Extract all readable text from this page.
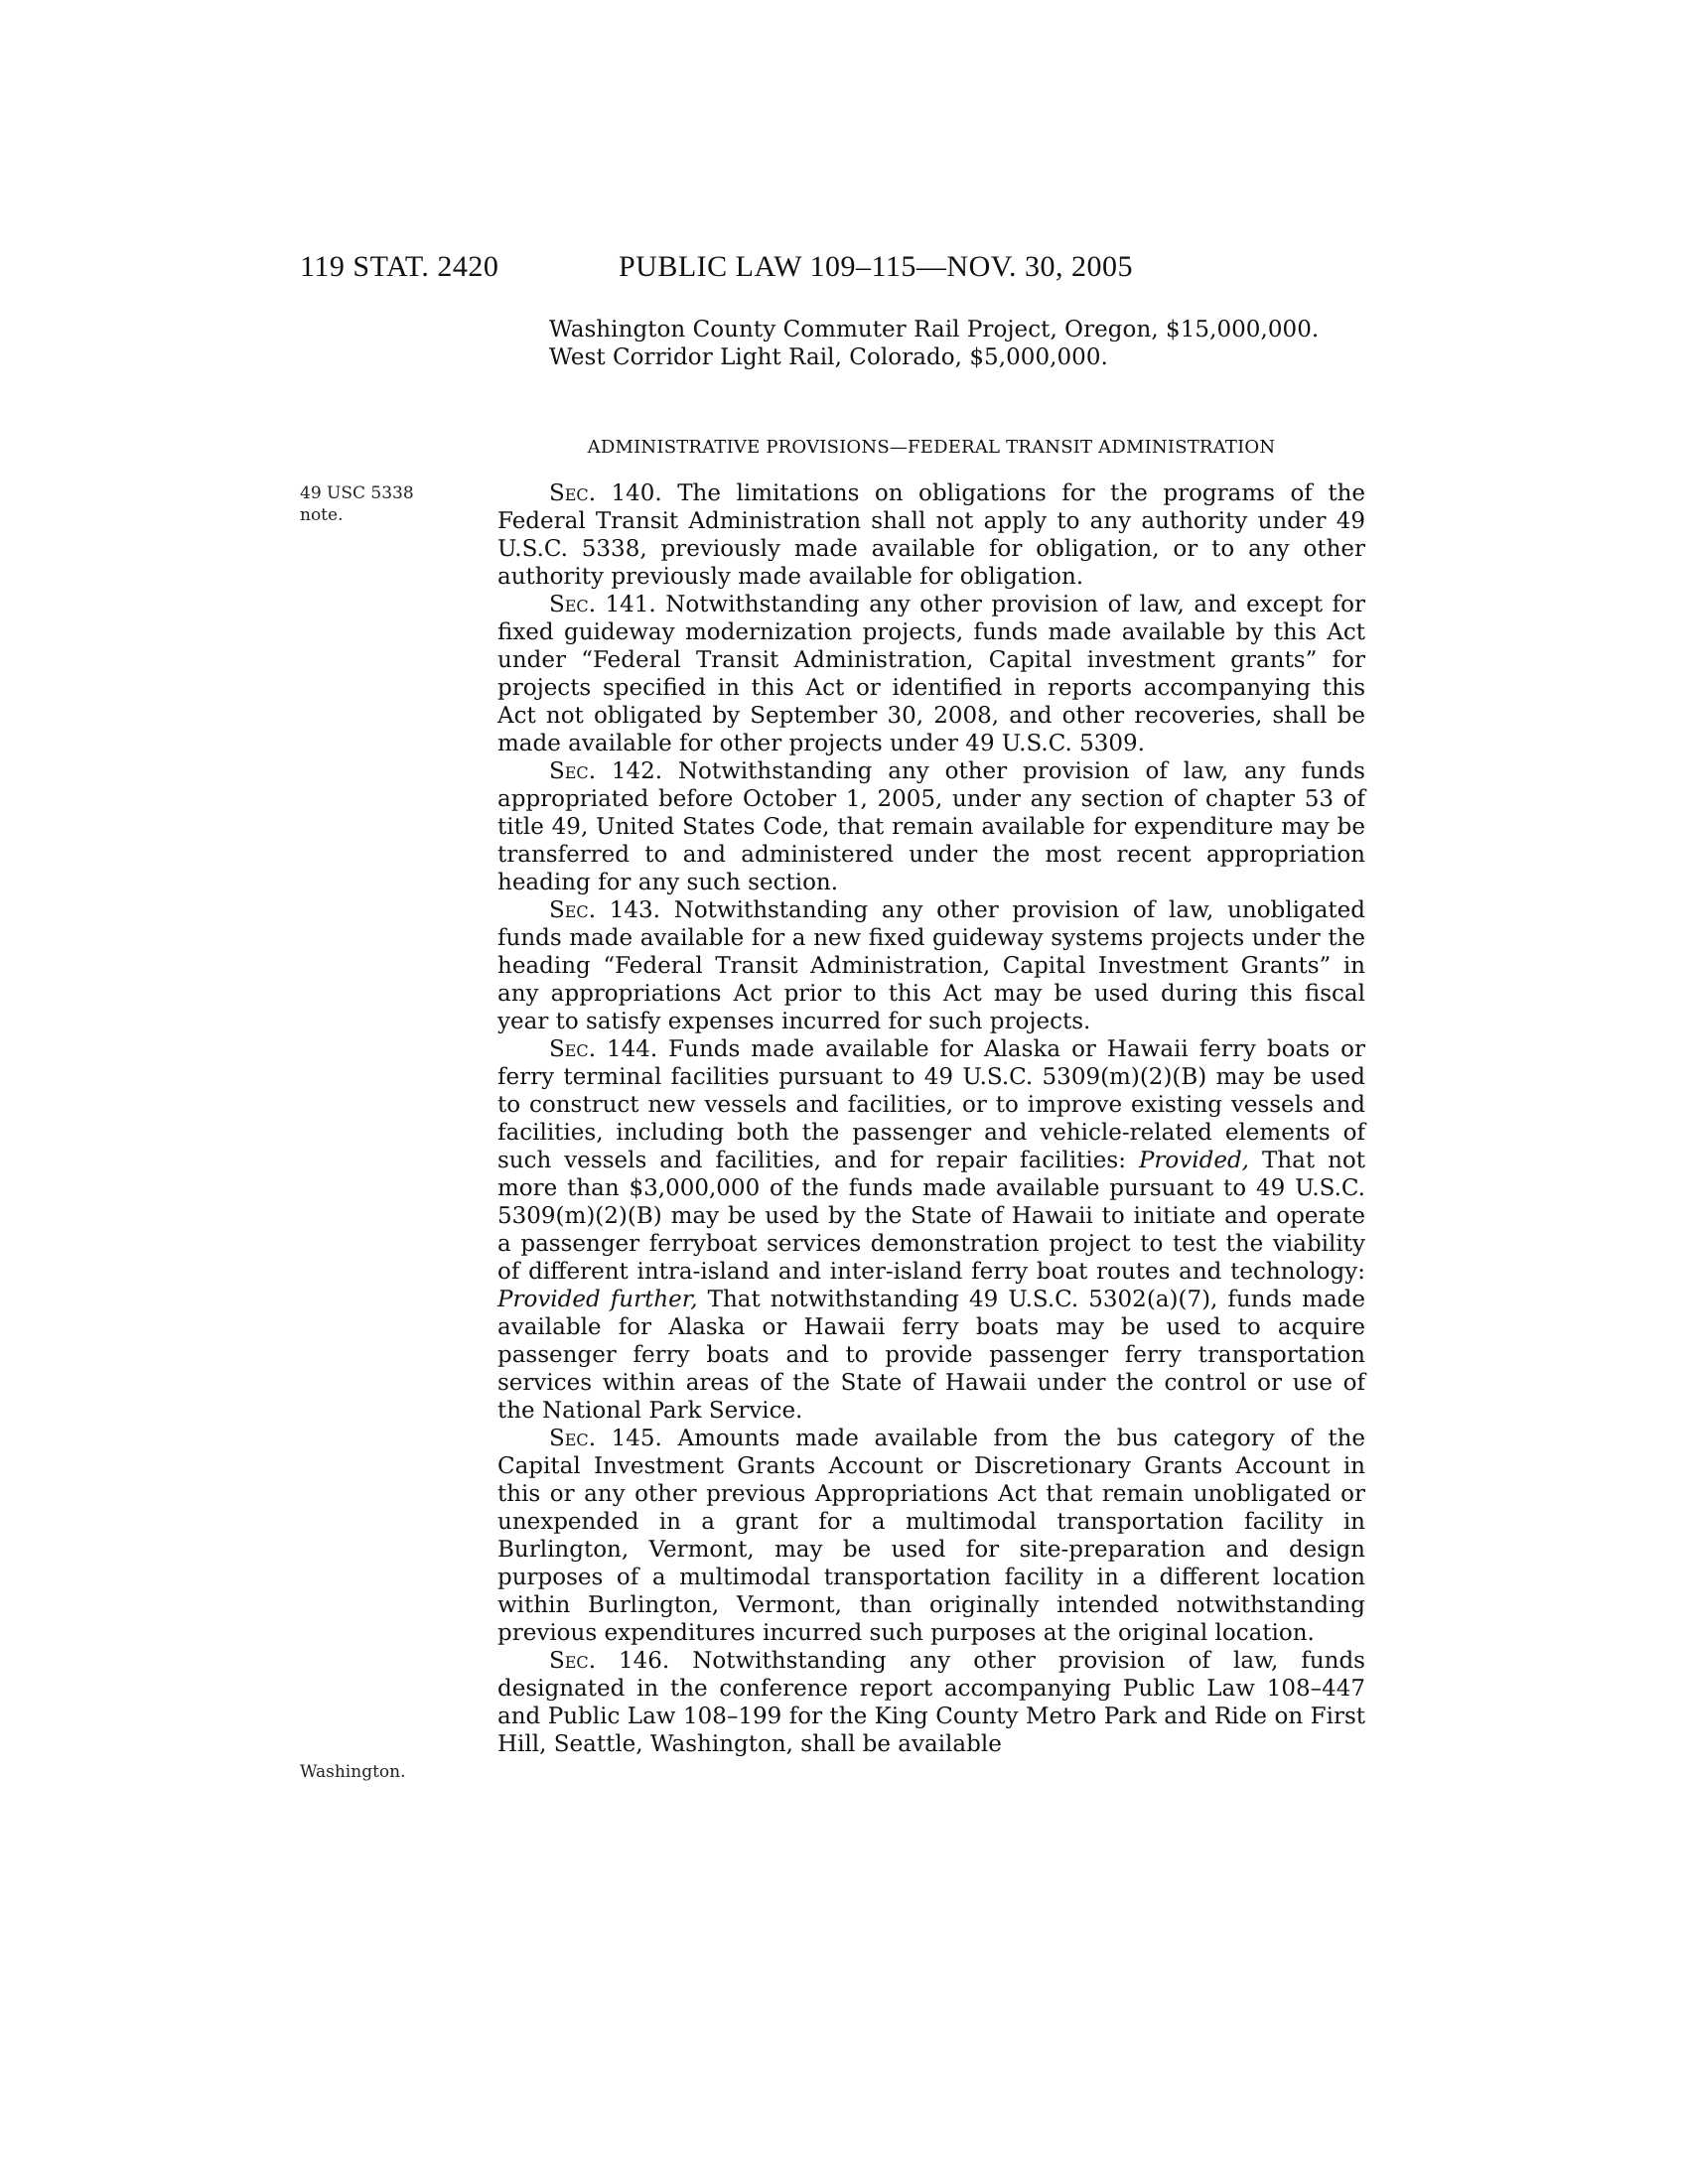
119 STAT. 2420	PUBLIC LAW 109–115—NOV. 30, 2005

Washington County Commuter Rail Project, Oregon, $15,000,000.

West Corridor Light Rail, Colorado, $5,000,000.

ADMINISTRATIVE PROVISIONS—FEDERAL TRANSIT ADMINISTRATION
49 USC 5338 note.
Washington.

Sec. 140. The limitations on obligations for the programs of the Federal Transit Administration shall not apply to any authority under 49 U.S.C. 5338, previously made available for obligation, or to any other authority previously made available for obligation.

Sec. 141. Notwithstanding any other provision of law, and except for fixed guideway modernization projects, funds made available by this Act under “Federal Transit Administration, Capital investment grants” for projects specified in this Act or identified in reports accompanying this Act not obligated by September 30, 2008, and other recoveries, shall be made available for other projects under 49 U.S.C. 5309.

Sec. 142. Notwithstanding any other provision of law, any funds appropriated before October 1, 2005, under any section of chapter 53 of title 49, United States Code, that remain available for expenditure may be transferred to and administered under the most recent appropriation heading for any such section.

Sec. 143. Notwithstanding any other provision of law, unobligated funds made available for a new fixed guideway systems projects under the heading “Federal Transit Administration, Capital Investment Grants” in any appropriations Act prior to this Act may be used during this fiscal year to satisfy expenses incurred for such projects.

Sec. 144. Funds made available for Alaska or Hawaii ferry boats or ferry terminal facilities pursuant to 49 U.S.C. 5309(m)(2)(B) may be used to construct new vessels and facilities, or to improve existing vessels and facilities, including both the passenger and vehicle-related elements of such vessels and facilities, and for repair facilities: Provided, That not more than $3,000,000 of the funds made available pursuant to 49 U.S.C. 5309(m)(2)(B) may be used by the State of Hawaii to initiate and operate a passenger ferryboat services demonstration project to test the viability of different intra-island and inter-island ferry boat routes and technology: Provided further, That notwithstanding 49 U.S.C. 5302(a)(7), funds made available for Alaska or Hawaii ferry boats may be used to acquire passenger ferry boats and to provide passenger ferry transportation services within areas of the State of Hawaii under the control or use of the National Park Service.

Sec. 145. Amounts made available from the bus category of the Capital Investment Grants Account or Discretionary Grants Account in this or any other previous Appropriations Act that remain unobligated or unexpended in a grant for a multimodal transportation facility in Burlington, Vermont, may be used for site-preparation and design purposes of a multimodal transportation facility in a different location within Burlington, Vermont, than originally intended notwithstanding previous expenditures incurred such purposes at the original location.

Sec. 146. Notwithstanding any other provision of law, funds designated in the conference report accompanying Public Law 108–447 and Public Law 108–199 for the King County Metro Park and Ride on First Hill, Seattle, Washington, shall be available
